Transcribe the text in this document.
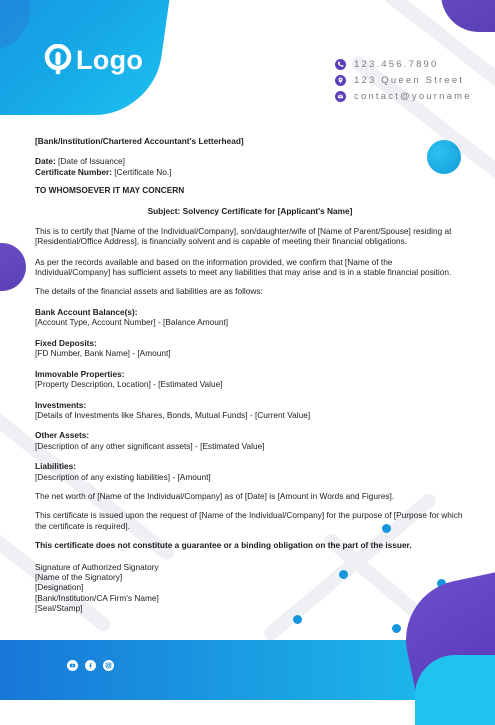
Logo	123.456.7890
123 Queen Street
contact@yourname

[Bank/Institution/Chartered Accountant's Letterhead]

Date: [Date of Issuance]

Certificate Number: [Certificate No.]

TO WHOMSOEVER IT MAY CONCERN

Subject: Solvency Certificate for [Applicant's Name]

This is to certify that [Name of the Individual/Company], son/daughter/wife of [Name of Parent/Spouse] residing at [Residential/Office Address], is financially solvent and is capable of meeting their financial obligations.

As per the records available and based on the information provided, we confirm that [Name of the Individual/Company] has sufficient assets to meet any liabilities that may arise and is in a stable financial position.

The details of the financial assets and liabilities are as follows:

Bank Account Balance(s):

[Account Type, Account Number] - [Balance Amount]

Fixed Deposits:

[FD Number, Bank Name] - [Amount]

Immovable Properties:

[Property Description, Location] - [Estimated Value]

Investments:

[Details of Investments like Shares, Bonds, Mutual Funds] - [Current Value]

Other Assets:

[Description of any other significant assets] - [Estimated Value]

Liabilities:

[Description of any existing liabilities] - [Amount]

The net worth of [Name of the Individual/Company] as of [Date] is [Amount in Words and Figures].

This certificate is issued upon the request of [Name of the Individual/Company] for the purpose of [Purpose for which the certificate is required].

This certificate does not constitute a guarantee or a binding obligation on the part of the issuer.

Signature of Authorized Signatory

[Name of the Signatory]

[Designation]

[Bank/Institution/CA Firm's Name]

[Seal/Stamp]
